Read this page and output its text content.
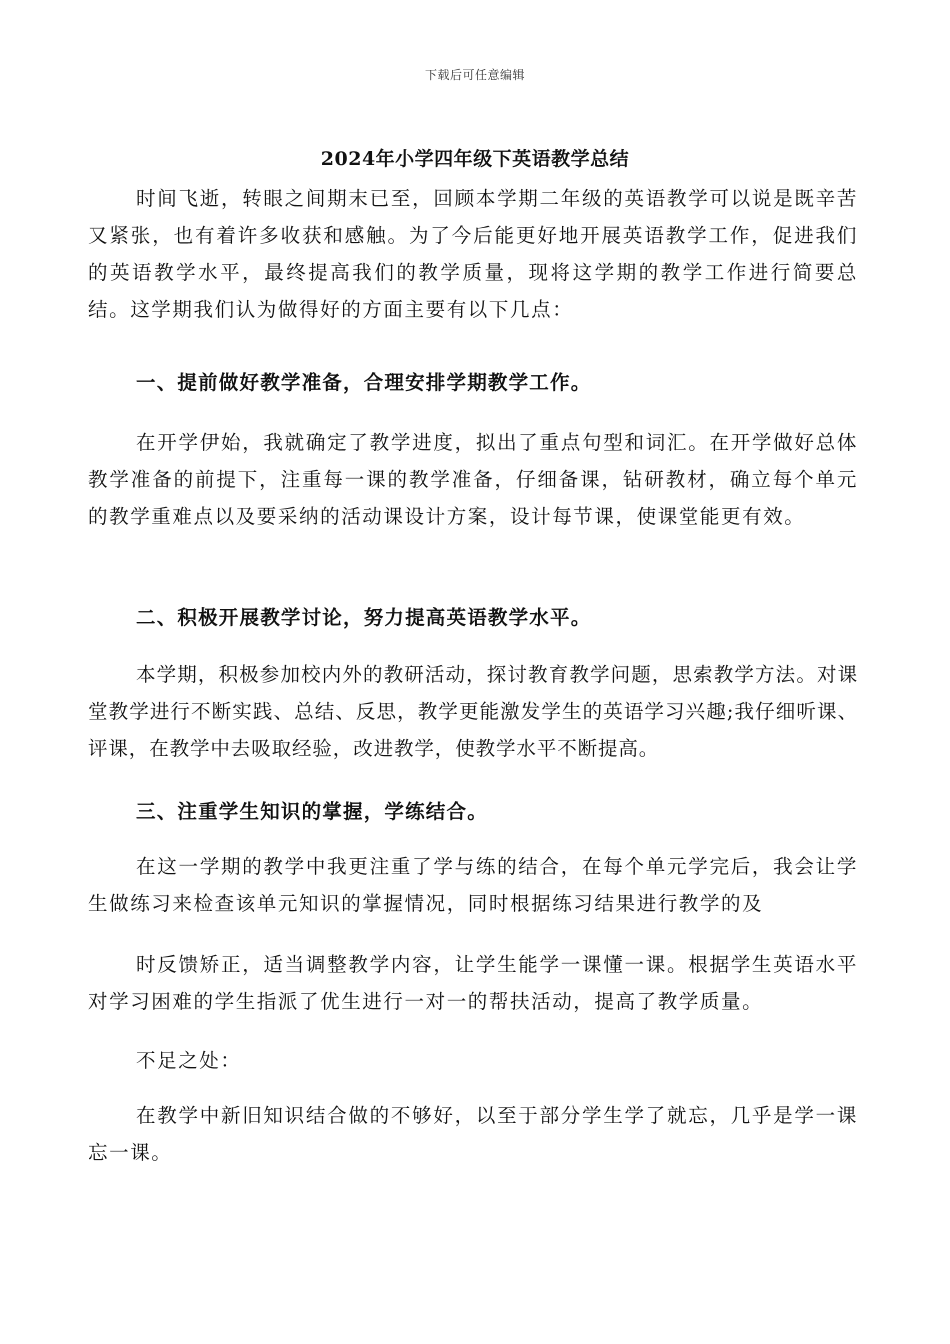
下载后可任意编辑
2024年小学四年级下英语教学总结

时间飞逝，转眼之间期末已至，回顾本学期二年级的英语教学可以说是既辛苦又紧张，也有着许多收获和感触。为了今后能更好地开展英语教学工作，促进我们的英语教学水平，最终提高我们的教学质量，现将这学期的教学工作进行简要总结。这学期我们认为做得好的方面主要有以下几点：

一、提前做好教学准备，合理安排学期教学工作。

在开学伊始，我就确定了教学进度，拟出了重点句型和词汇。在开学做好总体教学准备的前提下，注重每一课的教学准备，仔细备课，钻研教材，确立每个单元的教学重难点以及要采纳的活动课设计方案，设计每节课，使课堂能更有效。

二、积极开展教学讨论，努力提高英语教学水平。

本学期，积极参加校内外的教研活动，探讨教育教学问题，思索教学方法。对课堂教学进行不断实践、总结、反思，教学更能激发学生的英语学习兴趣;我仔细听课、评课，在教学中去吸取经验，改进教学，使教学水平不断提高。

三、注重学生知识的掌握，学练结合。

在这一学期的教学中我更注重了学与练的结合，在每个单元学完后，我会让学生做练习来检查该单元知识的掌握情况，同时根据练习结果进行教学的及

时反馈矫正，适当调整教学内容，让学生能学一课懂一课。根据学生英语水平对学习困难的学生指派了优生进行一对一的帮扶活动，提高了教学质量。

不足之处：

在教学中新旧知识结合做的不够好，以至于部分学生学了就忘，几乎是学一课忘一课。
